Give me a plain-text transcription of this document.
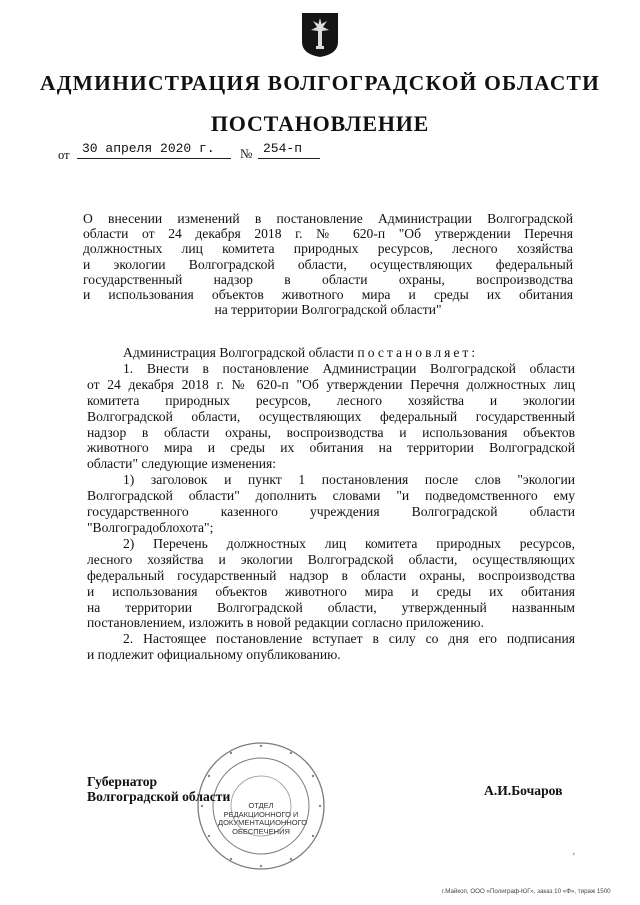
АДМИНИСТРАЦИЯ ВОЛГОГРАДСКОЙ ОБЛАСТИ
ПОСТАНОВЛЕНИЕ
от 30 апреля 2020 г. № 254-п
О внесении изменений в постановление Администрации Волгоградской
области от 24 декабря 2018 г. № 620-п "Об утверждении Перечня
должностных лиц комитета природных ресурсов, лесного хозяйства
и экологии Волгоградской области, осуществляющих федеральный
государственный надзор в области охраны, воспроизводства
и использования объектов животного мира и среды их обитания
на территории Волгоградской области"
Администрация Волгоградской области постановляет:
1. Внести в постановление Администрации Волгоградской области
от 24 декабря 2018 г. № 620-п "Об утверждении Перечня должностных лиц
комитета природных ресурсов, лесного хозяйства и экологии
Волгоградской области, осуществляющих федеральный государственный
надзор в области охраны, воспроизводства и использования объектов
животного мира и среды их обитания на территории Волгоградской
области" следующие изменения:
1) заголовок и пункт 1 постановления после слов "экологии
Волгоградской области" дополнить словами "и подведомственного ему
государственного казенного учреждения Волгоградской области
"Волгоградоблохота";
2) Перечень должностных лиц комитета природных ресурсов,
лесного хозяйства и экологии Волгоградской области, осуществляющих
федеральный государственный надзор в области охраны, воспроизводства
и использования объектов животного мира и среды их обитания
на территории Волгоградской области, утвержденный названным
постановлением, изложить в новой редакции согласно приложению.
2. Настоящее постановление вступает в силу со дня его подписания
и подлежит официальному опубликованию.
ОТДЕЛ
РЕДАКЦИОННОГО И
ДОКУМЕНТАЦИОННОГО
ОБЕСПЕЧЕНИЯ
Губернатор
Волгоградской области	А.И.Бочаров
'
г.Майкоп, ООО «Полиграф-ЮГ», заказ 10 «Ф», тираж 1500
